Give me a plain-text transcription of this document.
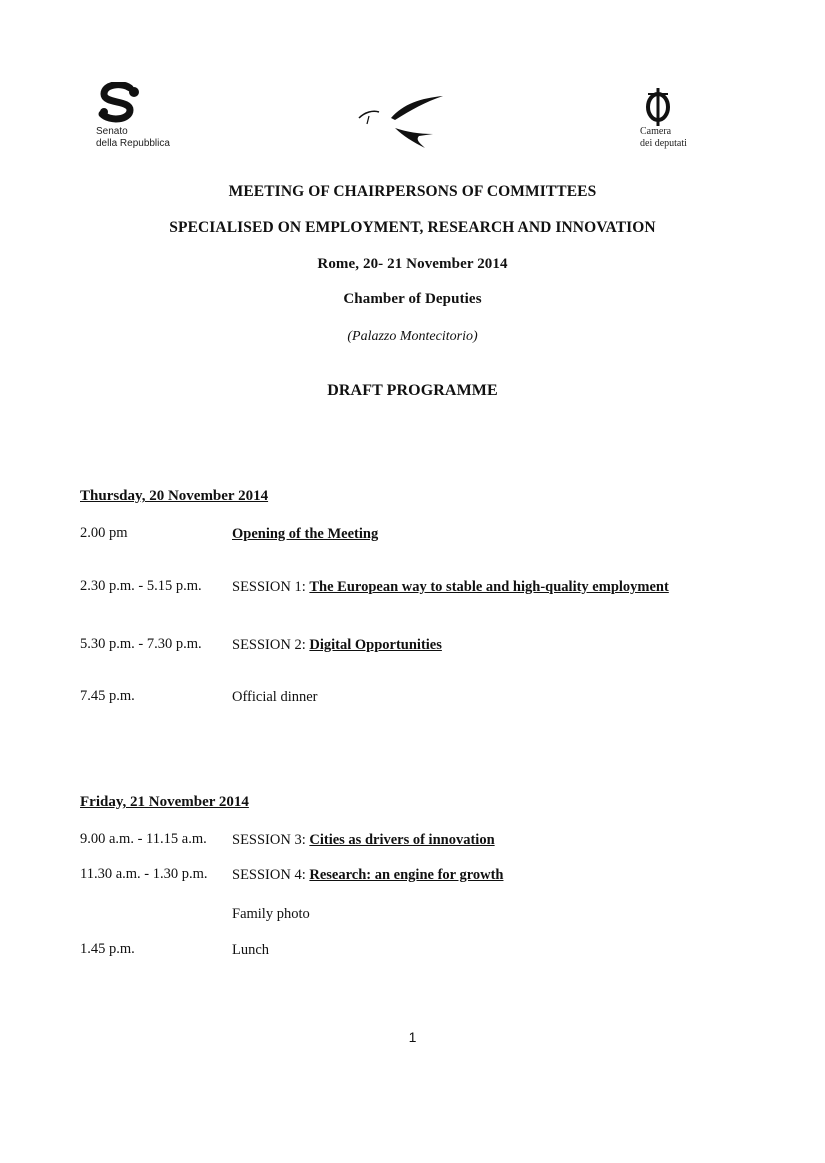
Senato
della Repubblica
Camera
dei deputati
MEETING OF CHAIRPERSONS OF COMMITTEES
SPECIALISED ON EMPLOYMENT, RESEARCH AND INNOVATION
Rome, 20- 21 November 2014
Chamber of Deputies
(Palazzo Montecitorio)
DRAFT PROGRAMME
Thursday, 20 November 2014
2.00 pm	Opening of the Meeting
2.30 p.m. - 5.15 p.m. SESSION 1: The European way to stable and high-quality employment
5.30 p.m. - 7.30 p.m. SESSION 2: Digital Opportunities
7.45 p.m.	Official dinner
Friday, 21 November 2014
9.00 a.m. - 11.15 a.m. SESSION 3: Cities as drivers of innovation
11.30 a.m. - 1.30 p.m. SESSION 4: Research: an engine for growth
Family photo
1.45 p.m.	Lunch
1
